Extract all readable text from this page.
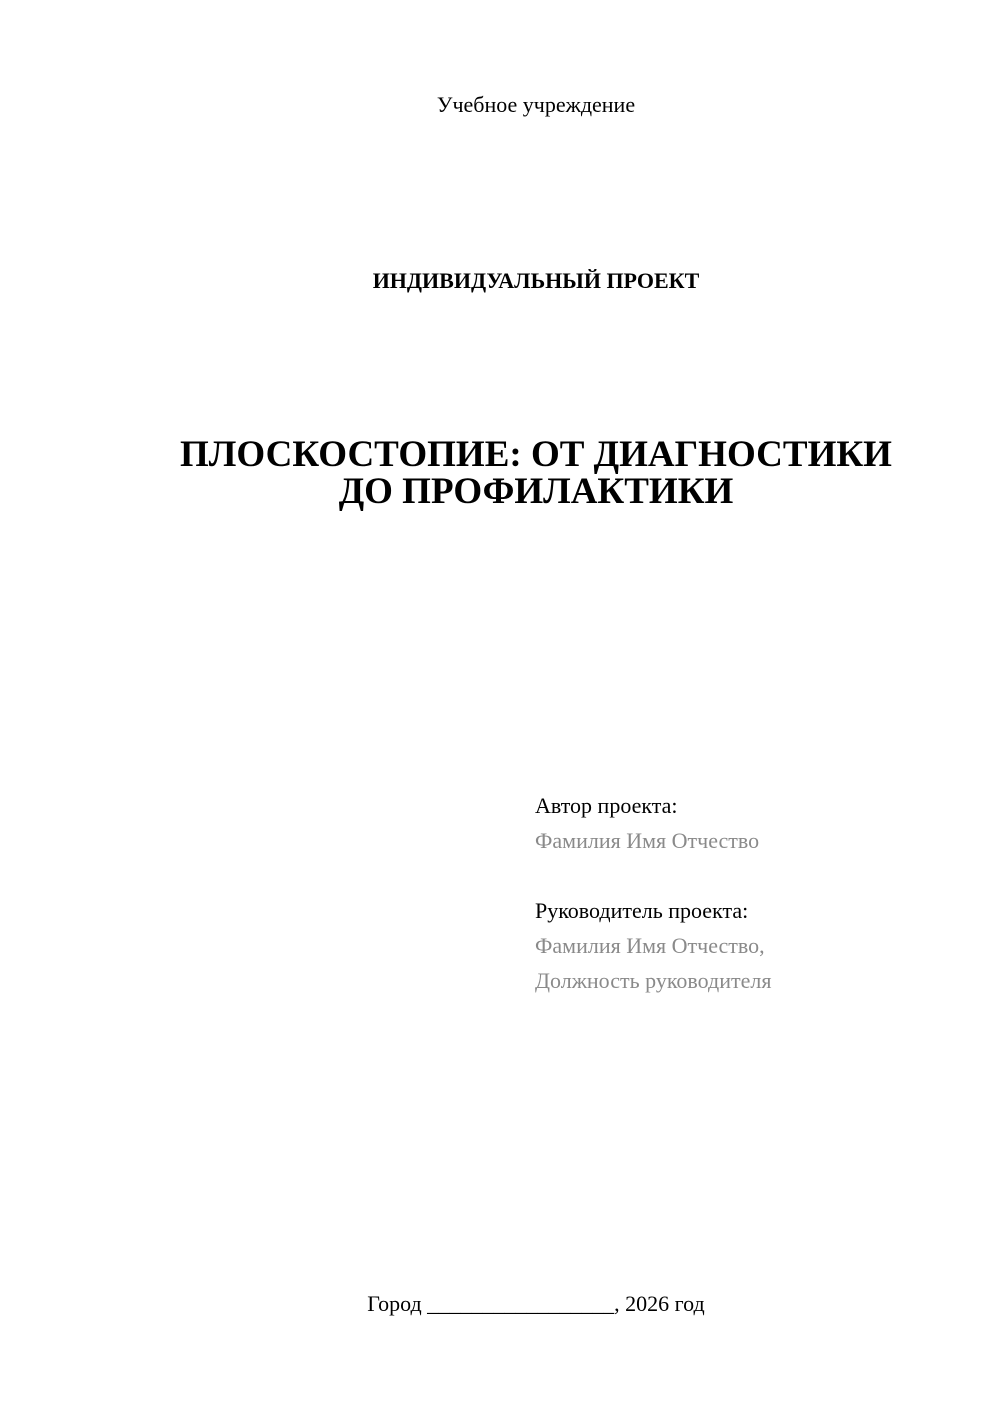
Учебное учреждение
ИНДИВИДУАЛЬНЫЙ ПРОЕКТ
ПЛОСКОСТОПИЕ: ОТ ДИАГНОСТИКИ
ДО ПРОФИЛАКТИКИ
Автор проекта:
Фамилия Имя Отчество
Руководитель проекта:
Фамилия Имя Отчество,
Должность руководителя
Город _________________, 2026 год
